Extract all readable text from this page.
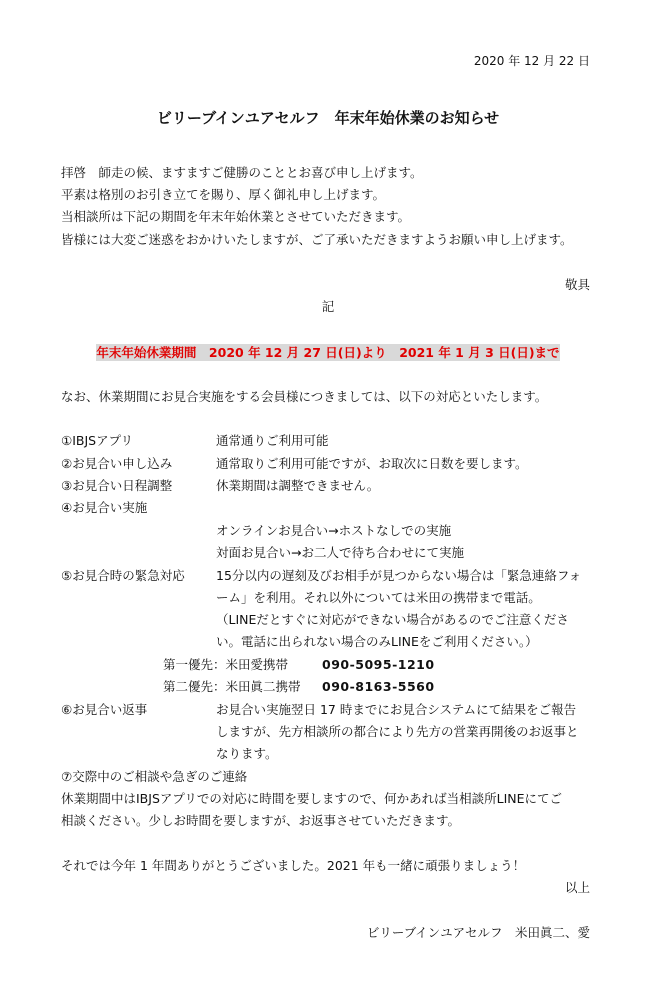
2020 年 12 月 22 日
ビリーブインユアセルフ　年末年始休業のお知らせ
拝啓　師走の候、ますますご健勝のこととお喜び申し上げます。
平素は格別のお引き立てを賜り、厚く御礼申し上げます。
当相談所は下記の期間を年末年始休業とさせていただきます。
皆様には大変ご迷惑をおかけいたしますが、ご了承いただきますようお願い申し上げます。
敬具
記
年末年始休業期間　2020 年 12 月 27 日(日)より　2021 年 1 月 3 日(日)まで
なお、休業期間にお見合実施をする会員様につきましては、以下の対応といたします。
①IBJSアプリ	通常通りご利用可能
②お見合い申し込み	通常取りご利用可能ですが、お取次に日数を要します。
③お見合い日程調整	休業期間は調整できません。
④お見合い実施
オンラインお見合い→ホストなしでの実施
対面お見合い→お二人で待ち合わせにて実施
⑤お見合時の緊急対応	15分以内の遅刻及びお相手が見つからない場合は「緊急連絡フォ
ーム」を利用。それ以外については米田の携帯まで電話。
（LINEだとすぐに対応ができない場合があるのでご注意くださ
い。電話に出られない場合のみLINEをご利用ください。）
第一優先：米田愛携帯	090-5095-1210
第二優先：米田眞二携帯 090-8163-5560
⑥お見合い返事	お見合い実施翌日 17 時までにお見合システムにて結果をご報告
しますが、先方相談所の都合により先方の営業再開後のお返事と
なります。
⑦交際中のご相談や急ぎのご連絡
休業期間中はIBJSアプリでの対応に時間を要しますので、何かあれば当相談所LINEにてご
相談ください。少しお時間を要しますが、お返事させていただきます。
それでは今年 1 年間ありがとうございました。2021 年も一緒に頑張りましょう！
以上
ビリーブインユアセルフ　米田眞二、愛
